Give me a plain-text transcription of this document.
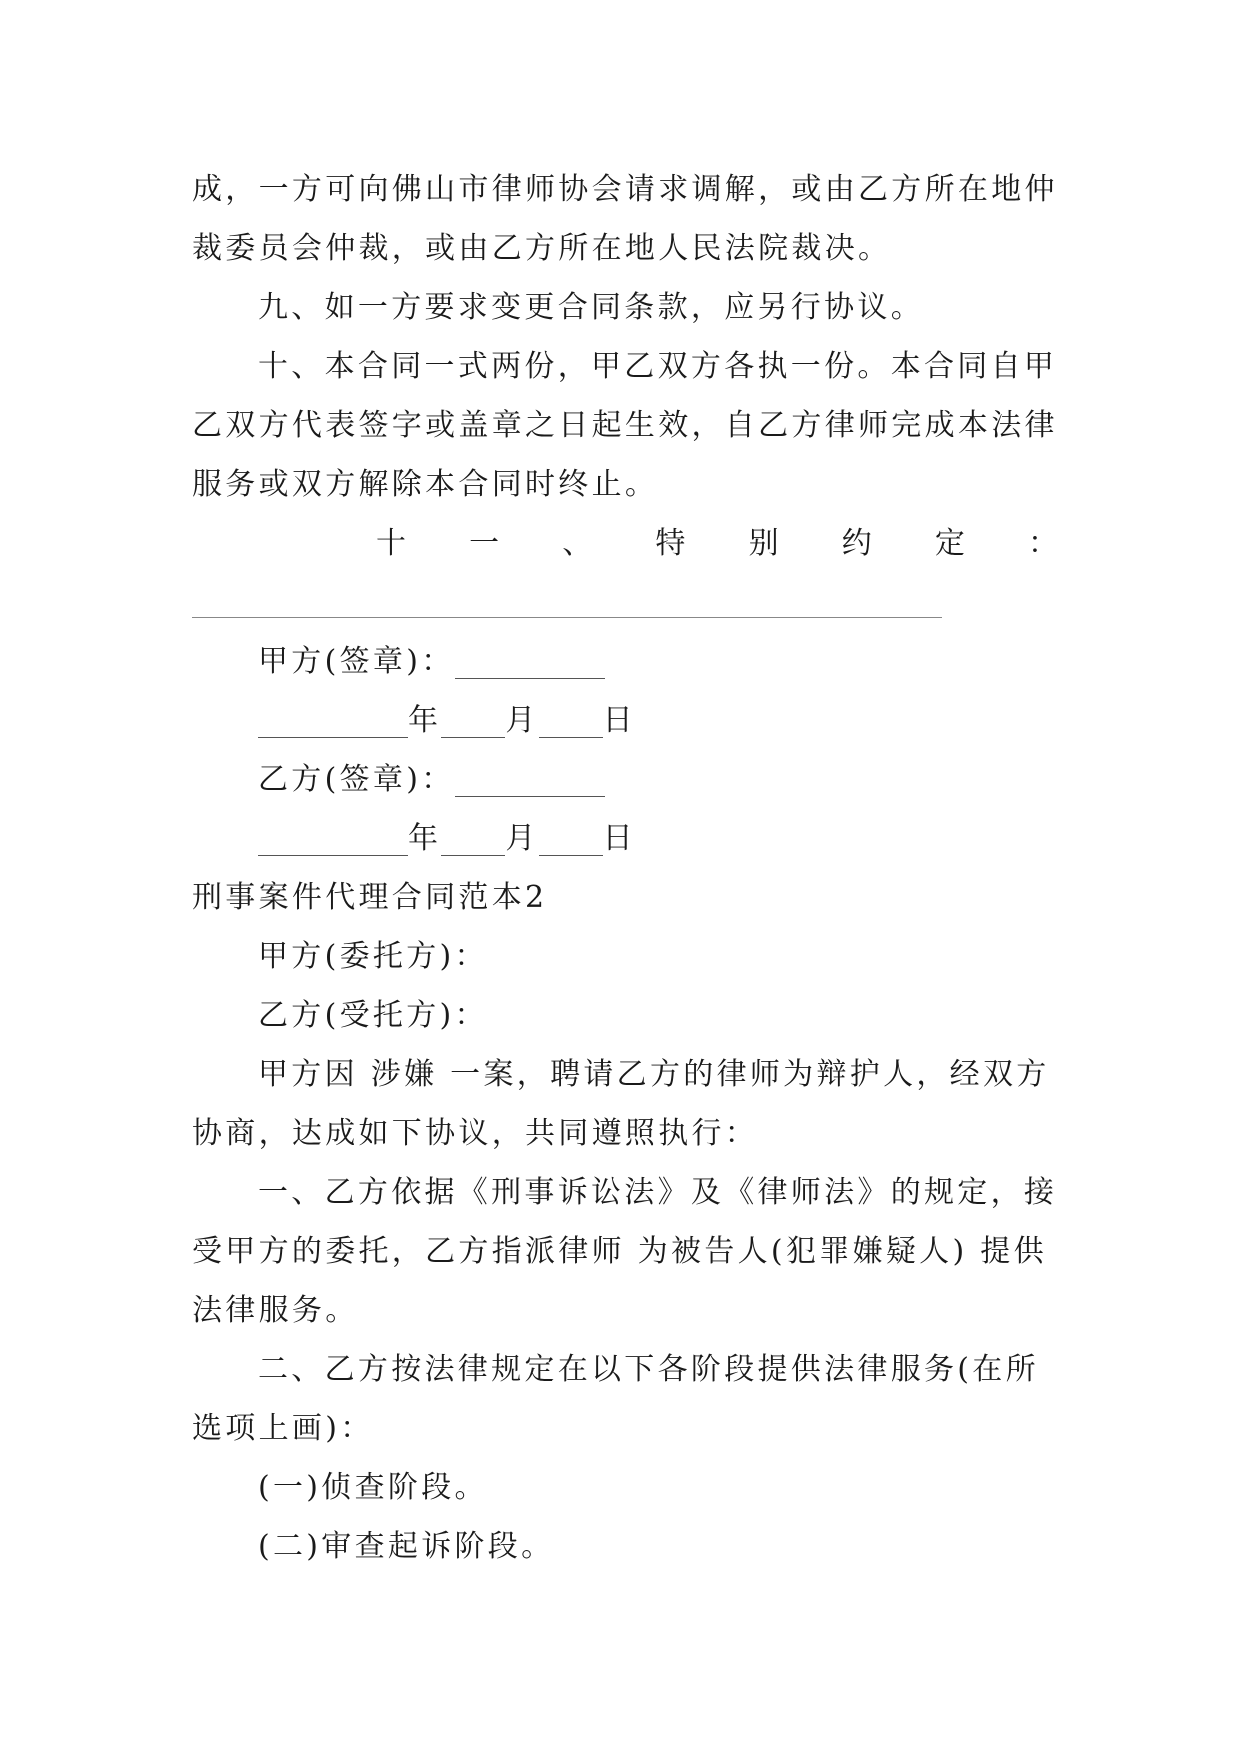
成，一方可向佛山市律师协会请求调解，或由乙方所在地仲
裁委员会仲裁，或由乙方所在地人民法院裁决。
九、如一方要求变更合同条款，应另行协议。
十、本合同一式两份，甲乙双方各执一份。本合同自甲
乙双方代表签字或盖章之日起生效，自乙方律师完成本法律
服务或双方解除本合同时终止。
十 一 、 特 别 约 定 ：
甲方(签章)：
年 月 日
乙方(签章)：
年 月 日
刑事案件代理合同范本2
甲方(委托方)：
乙方(受托方)：
甲方因 涉嫌 一案，聘请乙方的律师为辩护人，经双方
协商，达成如下协议，共同遵照执行：
一、乙方依据《刑事诉讼法》及《律师法》的规定，接
受甲方的委托，乙方指派律师 为被告人(犯罪嫌疑人) 提供
法律服务。
二、乙方按法律规定在以下各阶段提供法律服务(在所
选项上画)：
(一)侦查阶段。
(二)审查起诉阶段。
